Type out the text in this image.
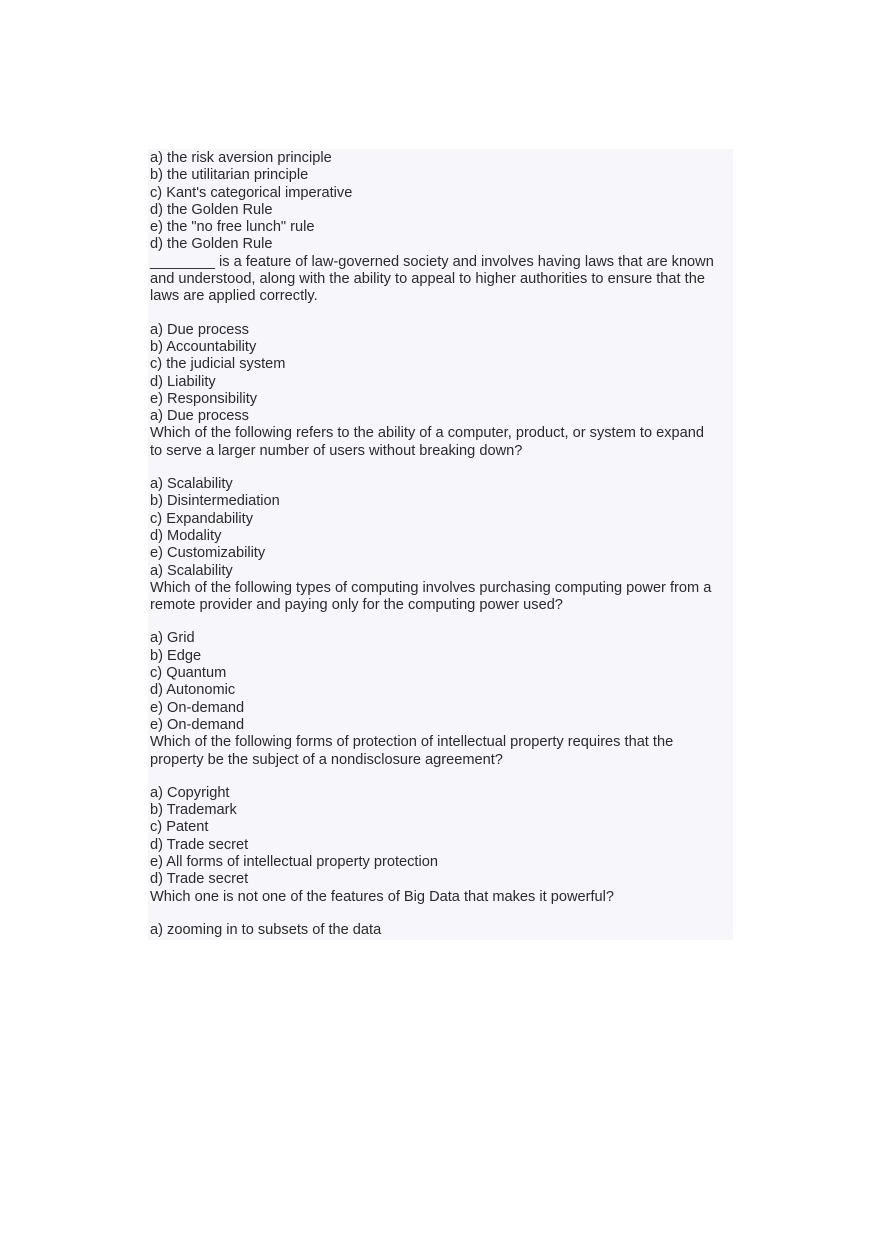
a) the risk aversion principle
b) the utilitarian principle
c) Kant's categorical imperative
d) the Golden Rule
e) the "no free lunch" rule
d) the Golden Rule
________ is a feature of law-governed society and involves having laws that are known
and understood, along with the ability to appeal to higher authorities to ensure that the
laws are applied correctly.
a) Due process
b) Accountability
c) the judicial system
d) Liability
e) Responsibility
a) Due process
Which of the following refers to the ability of a computer, product, or system to expand
to serve a larger number of users without breaking down?
a) Scalability
b) Disintermediation
c) Expandability
d) Modality
e) Customizability
a) Scalability
Which of the following types of computing involves purchasing computing power from a
remote provider and paying only for the computing power used?
a) Grid
b) Edge
c) Quantum
d) Autonomic
e) On-demand
e) On-demand
Which of the following forms of protection of intellectual property requires that the
property be the subject of a nondisclosure agreement?
a) Copyright
b) Trademark
c) Patent
d) Trade secret
e) All forms of intellectual property protection
d) Trade secret
Which one is not one of the features of Big Data that makes it powerful?
a) zooming in to subsets of the data
